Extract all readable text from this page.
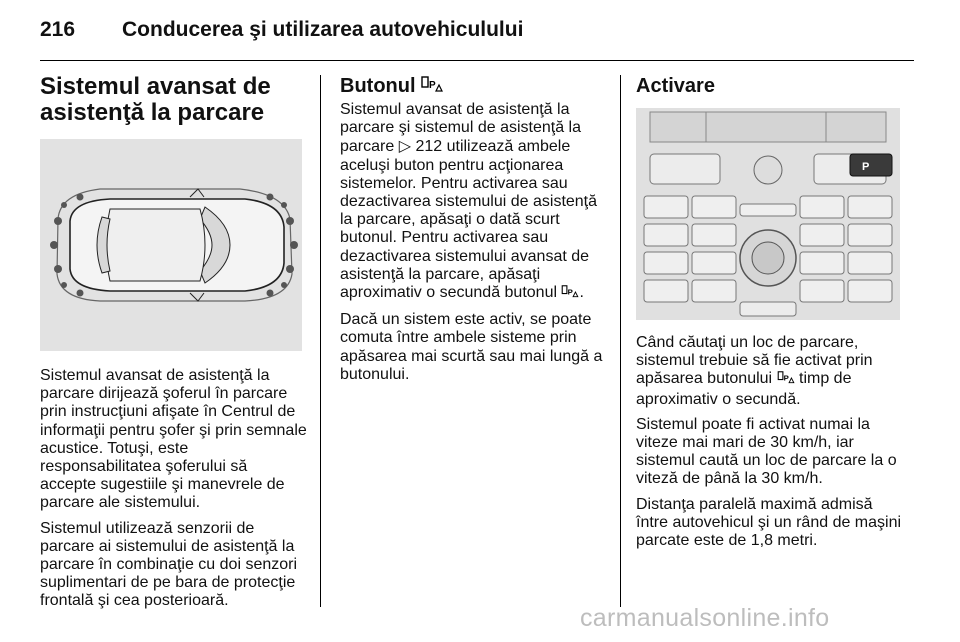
216 Conducerea şi utilizarea autovehiculului
Sistemul avansat de
asistenţă la parcare

Sistemul avansat de asistenţă la
parcare dirijează şoferul în parcare
prin instrucţiuni afişate în Centrul de
informaţii pentru şofer şi prin semnale
acustice. Totuşi, este
responsabilitatea şoferului să
accepte sugestiile şi manevrele de
parcare ale sistemului.

Sistemul utilizează senzorii de
parcare ai sistemului de asistenţă la
parcare în combinaţie cu doi senzori
suplimentari de pe bara de protecţie
frontală şi cea posterioară.

Butonul P

Sistemul avansat de asistenţă la
parcare şi sistemul de asistenţă la
parcare ▷ 212 utilizează ambele
aceluşi buton pentru acţionarea
sistemelor. Pentru activarea sau
dezactivarea sistemului de asistenţă
la parcare, apăsaţi o dată scurt
butonul. Pentru activarea sau
dezactivarea sistemului avansat de
asistenţă la parcare, apăsaţi
aproximativ o secundă butonul P .

Dacă un sistem este activ, se poate
comuta între ambele sisteme prin
apăsarea mai scurtă sau mai lungă a
butonului.

Activare
P

Când căutaţi un loc de parcare,
sistemul trebuie să fie activat prin
apăsarea butonului P timp de
aproximativ o secundă.

Sistemul poate fi activat numai la
viteze mai mari de 30 km/h, iar
sistemul caută un loc de parcare la o
viteză de până la 30 km/h.

Distanţa paralelă maximă admisă
între autovehicul şi un rând de maşini
parcate este de 1,8 metri.

carmanualsonline.info
